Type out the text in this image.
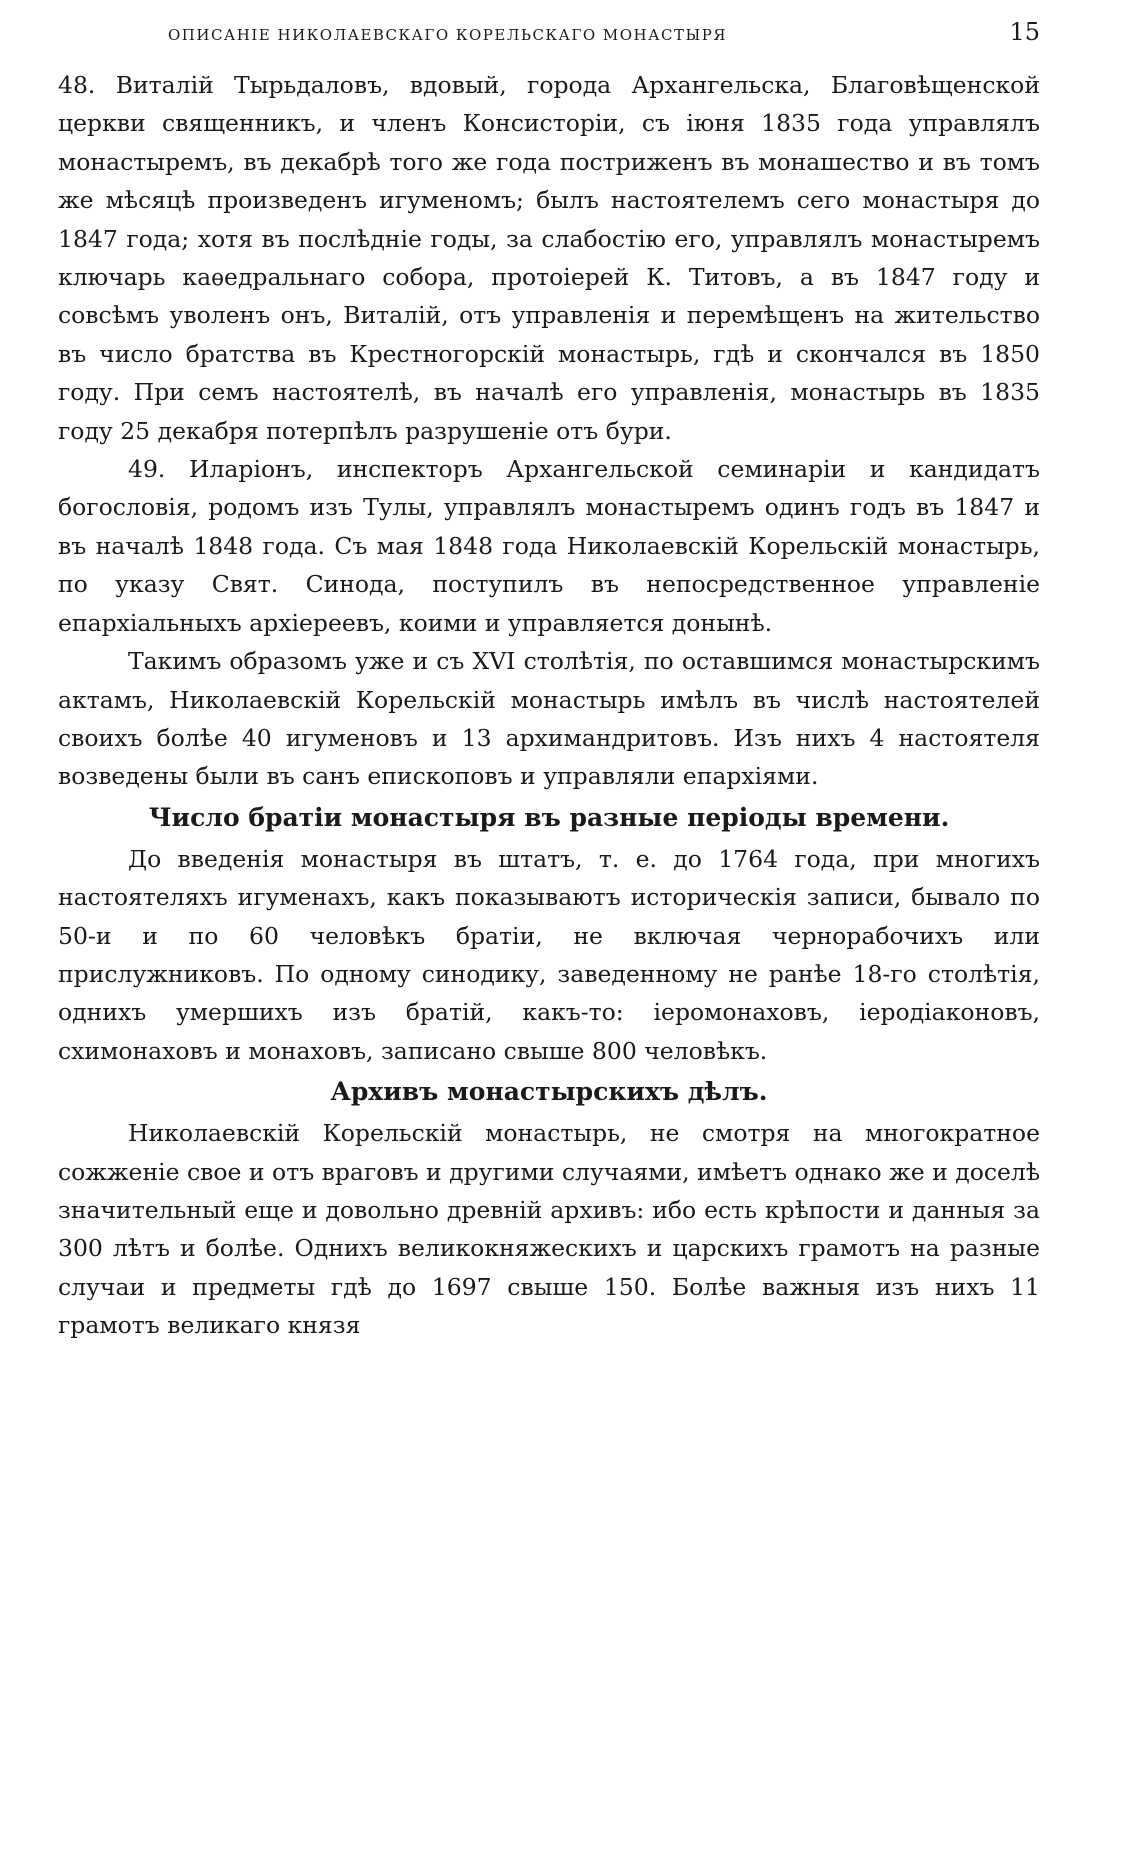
ОПИСАНІЕ НИКОЛАЕВСКАГО КОРЕЛЬСКАГО МОНАСТЫРЯ	15

48. Виталій Тырьдаловъ, вдовый, города Архангельска, Благовѣщенской церкви священникъ, и членъ Консисторіи, съ іюня 1835 года управлялъ монастыремъ, въ декабрѣ того же года постриженъ въ монашество и въ томъ же мѣсяцѣ произведенъ игуменомъ; былъ настоятелемъ сего монастыря до 1847 года; хотя въ послѣдніе годы, за слабостію его, управлялъ монастыремъ ключарь каѳедральнаго собора, протоіерей К. Титовъ, а въ 1847 году и совсѣмъ уволенъ онъ, Виталій, отъ управленія и перемѣщенъ на жительство въ число братства въ Крестногорскій монастырь, гдѣ и скончался въ 1850 году. При семъ настоятелѣ, въ началѣ его управленія, монастырь въ 1835 году 25 декабря потерпѣлъ разрушеніе отъ бури.

49. Иларіонъ, инспекторъ Архангельской семинаріи и кандидатъ богословія, родомъ изъ Тулы, управлялъ монастыремъ одинъ годъ въ 1847 и въ началѣ 1848 года. Съ мая 1848 года Николаевскій Корельскій монастырь, по указу Свят. Синода, поступилъ въ непосредственное управленіе епархіальныхъ архіереевъ, коими и управляется донынѣ.

Такимъ образомъ уже и съ XVI столѣтія, по оставшимся монастырскимъ актамъ, Николаевскій Корельскій монастырь имѣлъ въ числѣ настоятелей своихъ болѣе 40 игуменовъ и 13 архимандритовъ. Изъ нихъ 4 настоятеля возведены были въ санъ епископовъ и управляли епархіями.

Число братіи монастыря въ разные періоды времени.

До введенія монастыря въ штатъ, т. е. до 1764 года, при многихъ настоятеляхъ игуменахъ, какъ показываютъ историческія записи, бывало по 50-и и по 60 человѣкъ братіи, не включая чернорабочихъ или прислужниковъ. По одному синодику, заведенному не ранѣе 18-го столѣтія, однихъ умершихъ изъ братій, какъ-то: іеромонаховъ, іеродіаконовъ, схимонаховъ и монаховъ, записано свыше 800 человѣкъ.

Архивъ монастырскихъ дѣлъ.

Николаевскій Корельскій монастырь, не смотря на многократное сожженіе свое и отъ враговъ и другими случаями, имѣетъ однако же и доселѣ значительный еще и довольно древній архивъ: ибо есть крѣпости и данныя за 300 лѣтъ и болѣе. Однихъ великокняжескихъ и царскихъ грамотъ на разные случаи и предметы гдѣ до 1697 свыше 150. Болѣе важныя изъ нихъ 11 грамотъ великаго князя
